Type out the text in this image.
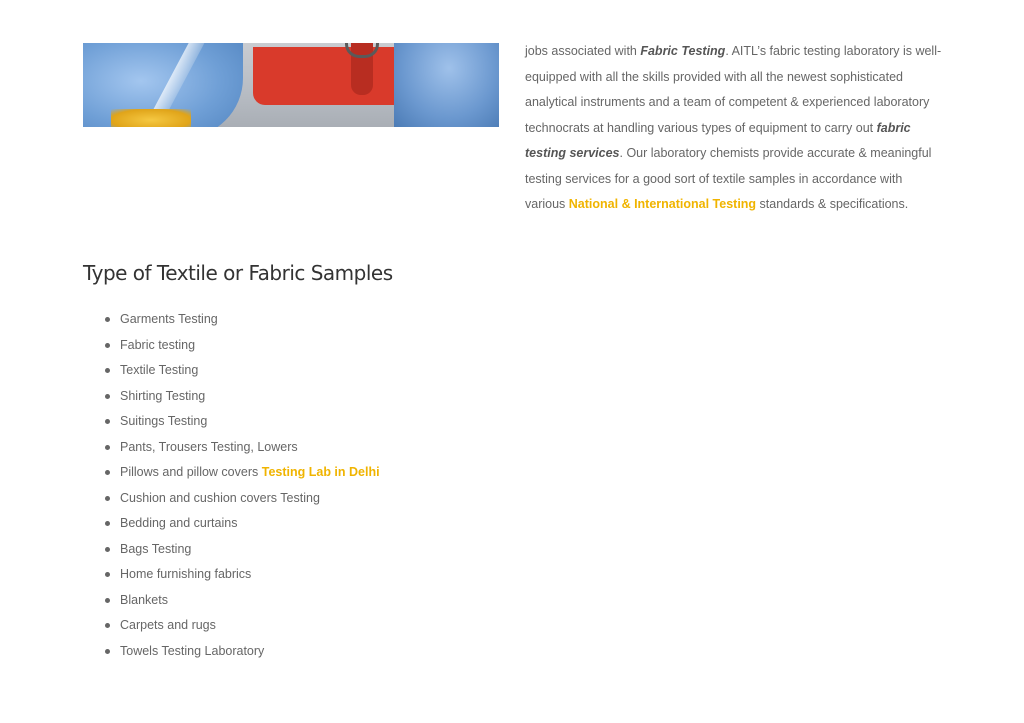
jobs associated with Fabric Testing. AITL’s fabric testing laboratory is well-equipped with all the skills provided with all the newest sophisticated analytical instruments and a team of competent & experienced laboratory technocrats at handling various types of equipment to carry out fabric testing services. Our laboratory chemists provide accurate & meaningful testing services for a good sort of textile samples in accordance with various National & International Testing standards & specifications.
Type of Textile or Fabric Samples
Garments Testing
Fabric testing
Textile Testing
Shirting Testing
Suitings Testing
Pants, Trousers Testing, Lowers
Pillows and pillow covers Testing Lab in Delhi
Cushion and cushion covers Testing
Bedding and curtains
Bags Testing
Home furnishing fabrics
Blankets
Carpets and rugs
Towels Testing Laboratory
